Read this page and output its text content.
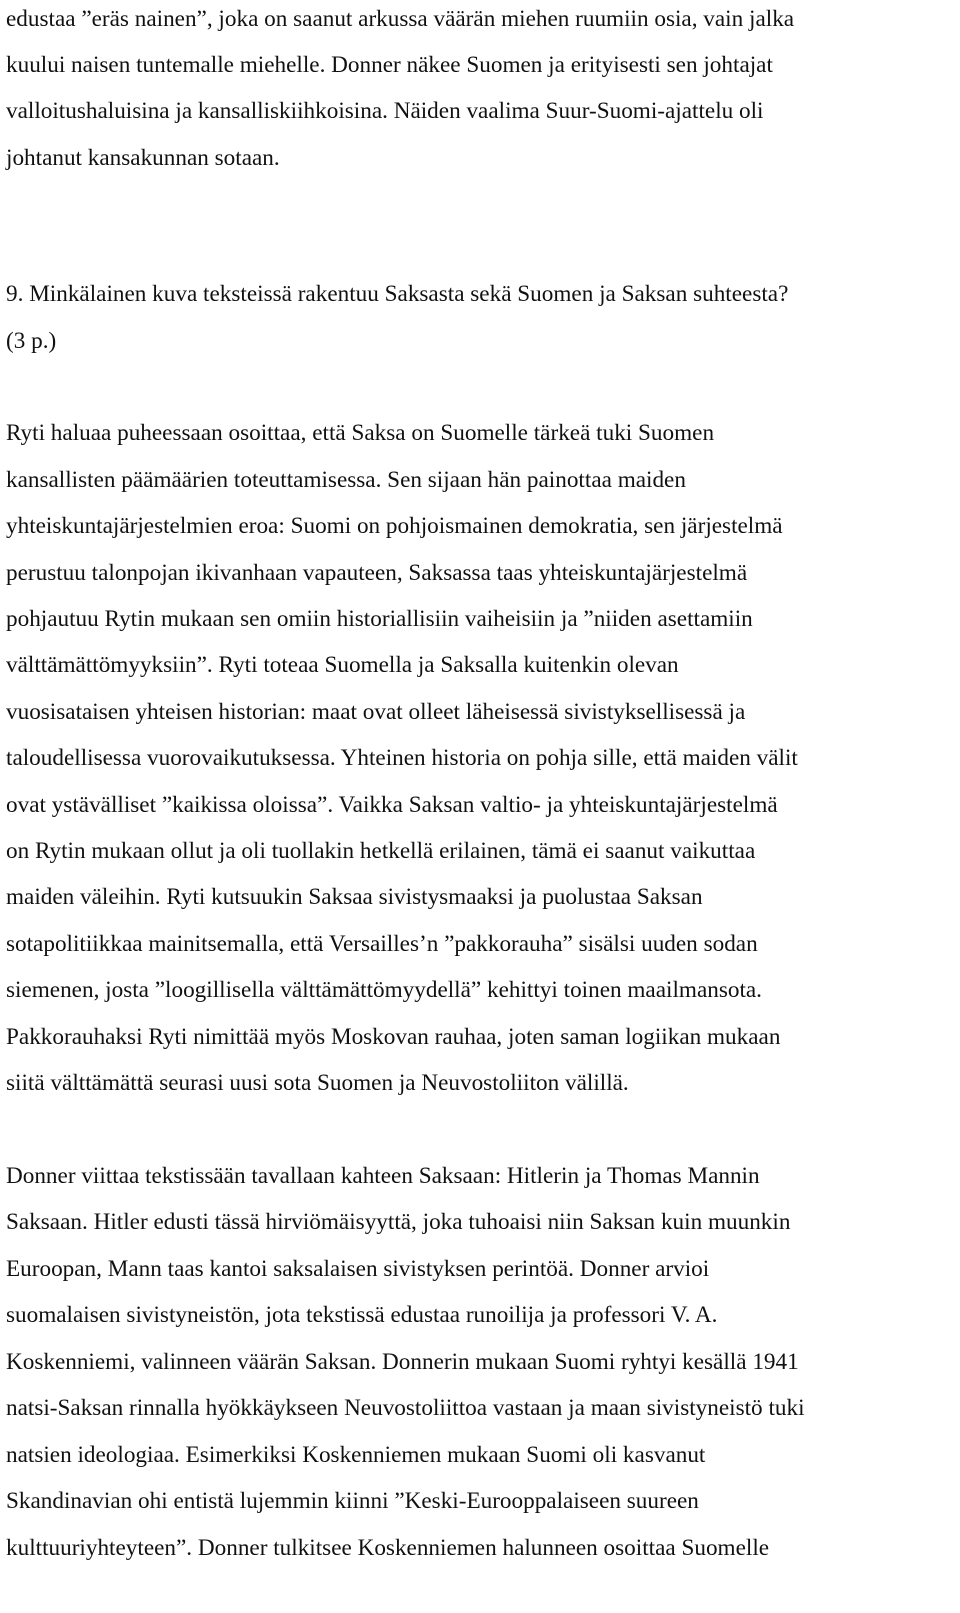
edustaa ”eräs nainen”, joka on saanut arkussa väärän miehen ruumiin osia, vain jalka
kuului naisen tuntemalle miehelle. Donner näkee Suomen ja erityisesti sen johtajat
valloitushaluisina ja kansalliskiihkoisina. Näiden vaalima Suur-Suomi-ajattelu oli
johtanut kansakunnan sotaan.
9. Minkälainen kuva teksteissä rakentuu Saksasta sekä Suomen ja Saksan suhteesta?
(3 p.)
Ryti haluaa puheessaan osoittaa, että Saksa on Suomelle tärkeä tuki Suomen
kansallisten päämäärien toteuttamisessa. Sen sijaan hän painottaa maiden
yhteiskuntajärjestelmien eroa: Suomi on pohjoismainen demokratia, sen järjestelmä
perustuu talonpojan ikivanhaan vapauteen, Saksassa taas yhteiskuntajärjestelmä
pohjautuu Rytin mukaan sen omiin historiallisiin vaiheisiin ja ”niiden asettamiin
välttämättömyyksiin”. Ryti toteaa Suomella ja Saksalla kuitenkin olevan
vuosisataisen yhteisen historian: maat ovat olleet läheisessä sivistyksellisessä ja
taloudellisessa vuorovaikutuksessa. Yhteinen historia on pohja sille, että maiden välit
ovat ystävälliset ”kaikissa oloissa”. Vaikka Saksan valtio- ja yhteiskuntajärjestelmä
on Rytin mukaan ollut ja oli tuollakin hetkellä erilainen, tämä ei saanut vaikuttaa
maiden väleihin. Ryti kutsuukin Saksaa sivistysmaaksi ja puolustaa Saksan
sotapolitiikkaa mainitsemalla, että Versailles’n ”pakkorauha” sisälsi uuden sodan
siemenen, josta ”loogillisella välttämättömyydellä” kehittyi toinen maailmansota.
Pakkorauhaksi Ryti nimittää myös Moskovan rauhaa, joten saman logiikan mukaan
siitä välttämättä seurasi uusi sota Suomen ja Neuvostoliiton välillä.
Donner viittaa tekstissään tavallaan kahteen Saksaan: Hitlerin ja Thomas Mannin
Saksaan. Hitler edusti tässä hirviömäisyyttä, joka tuhoaisi niin Saksan kuin muunkin
Euroopan, Mann taas kantoi saksalaisen sivistyksen perintöä. Donner arvioi
suomalaisen sivistyneistön, jota tekstissä edustaa runoilija ja professori V. A.
Koskenniemi, valinneen väärän Saksan. Donnerin mukaan Suomi ryhtyi kesällä 1941
natsi-Saksan rinnalla hyökkäykseen Neuvostoliittoa vastaan ja maan sivistyneistö tuki
natsien ideologiaa. Esimerkiksi Koskenniemen mukaan Suomi oli kasvanut
Skandinavian ohi entistä lujemmin kiinni ”Keski-Eurooppalaiseen suureen
kulttuuriyhteyteen”. Donner tulkitsee Koskenniemen halunneen osoittaa Suomelle
